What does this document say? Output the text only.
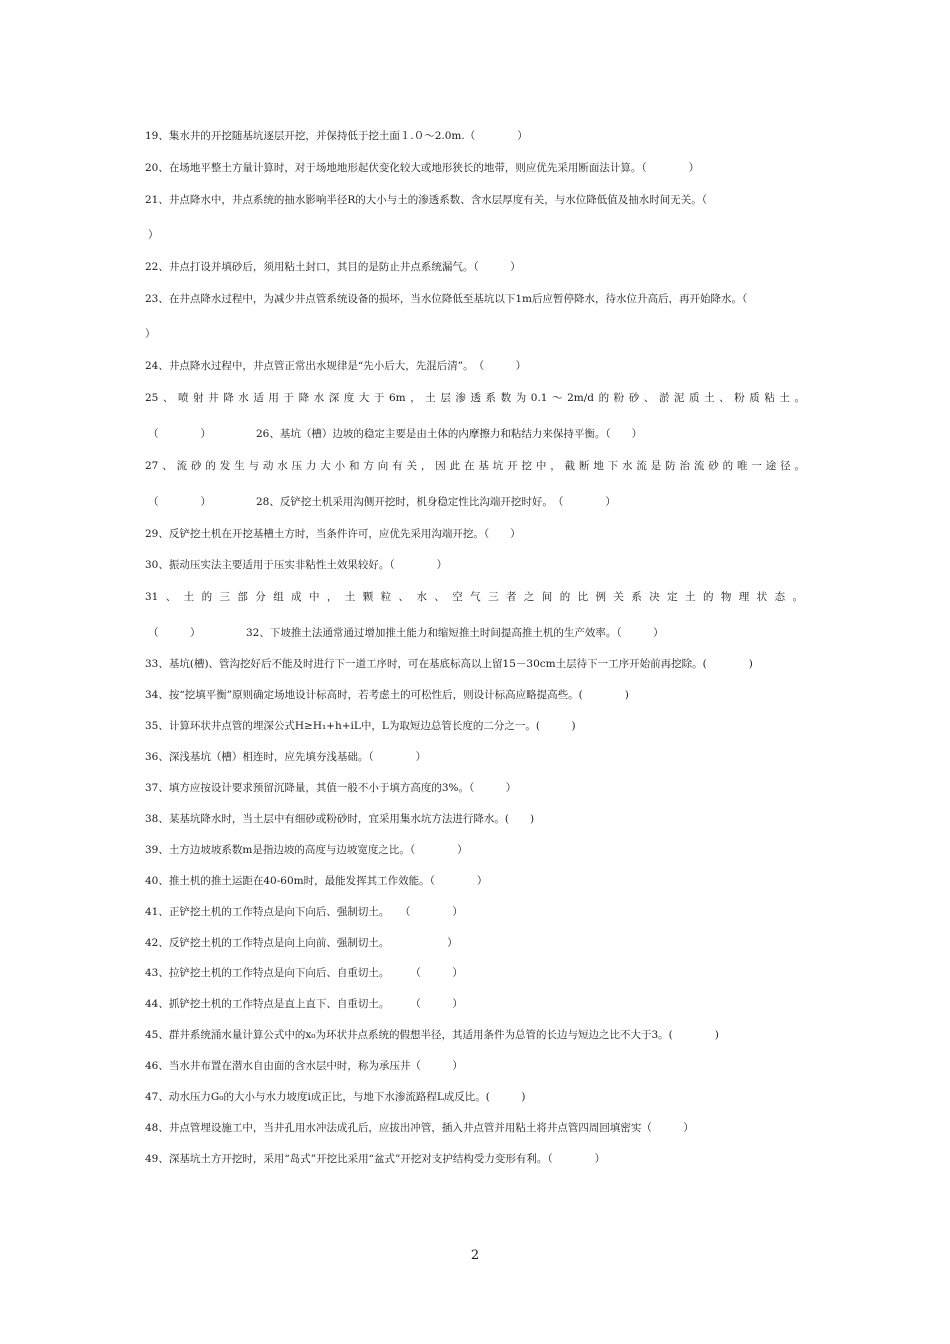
19、集水井的开挖随基坑逐层开挖，并保持低于挖土面１.０～2.0m.（　　　　）
20、在场地平整土方量计算时，对于场地地形起伏变化较大或地形狭长的地带，则应优先采用断面法计算。（　　　　）
21、井点降水中，井点系统的抽水影响半径R的大小与土的渗透系数、含水层厚度有关，与水位降低值及抽水时间无关。（
）
22、井点打设并填砂后，须用粘土封口，其目的是防止井点系统漏气。（　　　）
23、在井点降水过程中，为减少井点管系统设备的损坏，当水位降低至基坑以下1m后应暂停降水，待水位升高后，再开始降水。（
）
24、井点降水过程中，井点管正常出水规律是“先小后大，先混后清”。　（　　　）
25、喷射井降水适用于降水深度大于6m，土层渗透系数为0.1～2m/d的粉砂、淤泥质土、粉质粘土。
（　　　　）	26、基坑（槽）边坡的稳定主要是由土体的内摩擦力和粘结力来保持平衡。（　　）
27、流砂的发生与动水压力大小和方向有关，因此在基坑开挖中，截断地下水流是防治流砂的唯一途径。
（　　　　）	28、反铲挖土机采用沟侧开挖时，机身稳定性比沟端开挖时好。　（　　　　）
29、反铲挖土机在开挖基槽土方时，当条件许可，应优先采用沟端开挖。（　　）
30、振动压实法主要适用于压实非粘性土效果较好。（　　　　）
31、土的三部分组成中，土颗粒、水、空气三者之间的比例关系决定土的物理状态。
（　　　）	32、下坡推土法通常通过增加推土能力和缩短推土时间提高推土机的生产效率。（　　　）
33、基坑(槽)、管沟挖好后不能及时进行下一道工序时，可在基底标高以上留15－30cm土层待下一工序开始前再挖除。(　　　　)
34、按“挖填平衡”原则确定场地设计标高时，若考虑土的可松性后，则设计标高应略提高些。(　　　　)
35、计算环状井点管的埋深公式H≥H₁+h+iL中，L为取短边总管长度的二分之一。(　　　)
36、深浅基坑（槽）相连时，应先填夯浅基础。（　　　　）
37、填方应按设计要求预留沉降量，其值一般不小于填方高度的3%。（　　　）
38、某基坑降水时，当土层中有细砂或粉砂时，宜采用集水坑方法进行降水。(　　)
39、土方边坡坡系数m是指边坡的高度与边坡宽度之比。（　　　　）
40、推土机的推土运距在40-60m时，最能发挥其工作效能。（　　　　）
41、正铲挖土机的工作特点是向下向后、强制切土。　　（　　　　）
42、反铲挖土机的工作特点是向上向前、强制切土。　　　　　　）
43、拉铲挖土机的工作特点是向下向后、自重切土。　　　（　　　）
44、抓铲挖土机的工作特点是直上直下、自重切土。　　　（　　　）
45、群井系统涌水量计算公式中的x₀为环状井点系统的假想半径，其适用条件为总管的长边与短边之比不大于3。(　　　　)
46、当水井布置在潜水自由面的含水层中时，称为承压井（　　　）
47、动水压力G₀的大小与水力坡度i成正比，与地下水渗流路程L成反比。(　　　)
48、井点管埋设施工中，当井孔用水冲法成孔后，应拔出冲管，插入井点管并用粘土将井点管四周回填密实（　　　）
49、深基坑土方开挖时，采用“岛式”开挖比采用“盆式”开挖对支护结构受力变形有利。（　　　　）
2
